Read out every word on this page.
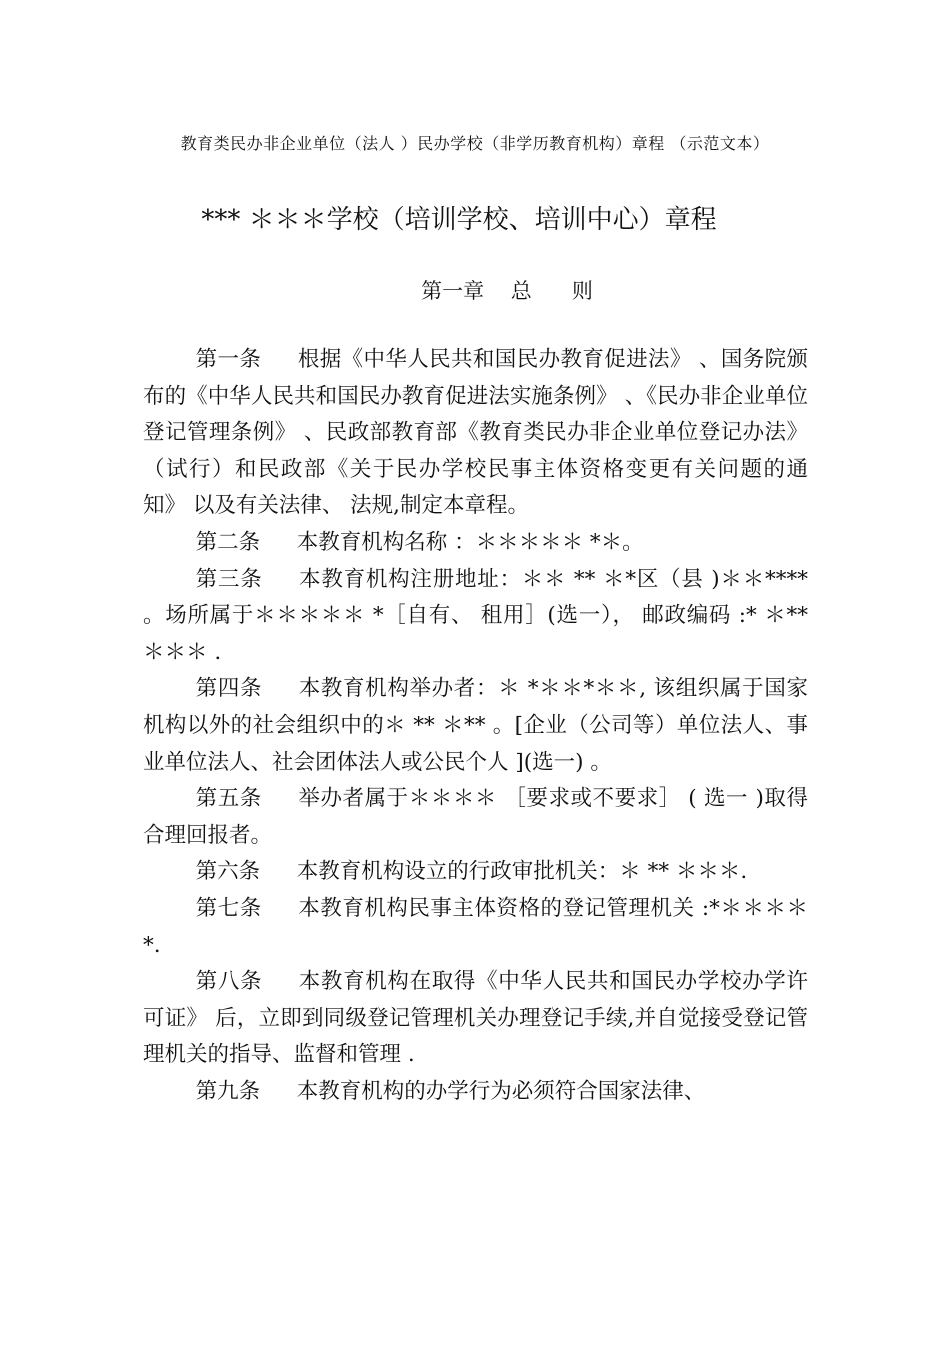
教育类民办非企业单位（法人 ）民办学校（非学历教育机构）章程 （示范文本）
*** ＊＊＊学校（培训学校、培训中心）章程
第一章    总      则

第一条 根据《中华人民共和国民办教育促进法》 、国务院颁布的《中华人民共和国民办教育促进法实施条例》 、《民办非企业单位登记管理条例》 、民政部教育部《教育类民办非企业单位登记办法》 （试行）和民政部《关于民办学校民事主体资格变更有关问题的通知》 以及有关法律、 法规,制定本章程。

第二条 本教育机构名称 ：＊＊＊＊＊ *＊。

第三条 本教育机构注册地址：＊＊ ** ＊*区（县 )＊＊**** 。场所属于＊＊＊＊＊ *［自有、 租用］(选一）， 邮政编码 :* ＊** ＊＊＊ .

第四条 本教育机构举办者：＊ *＊＊*＊＊, 该组织属于国家机构以外的社会组织中的＊ ** ＊** 。[企业（公司等）单位法人、事业单位法人、社会团体法人或公民个人 ](选一) 。

第五条 举办者属于＊＊＊＊ ［要求或不要求］ ( 选一 )取得合理回报者。

第六条 本教育机构设立的行政审批机关：＊ ** ＊＊＊.

第七条 本教育机构民事主体资格的登记管理机关 :*＊＊＊＊ *.

第八条 本教育机构在取得《中华人民共和国民办学校办学许可证》 后，立即到同级登记管理机关办理登记手续,并自觉接受登记管理机关的指导、监督和管理 .

第九条 本教育机构的办学行为必须符合国家法律、
